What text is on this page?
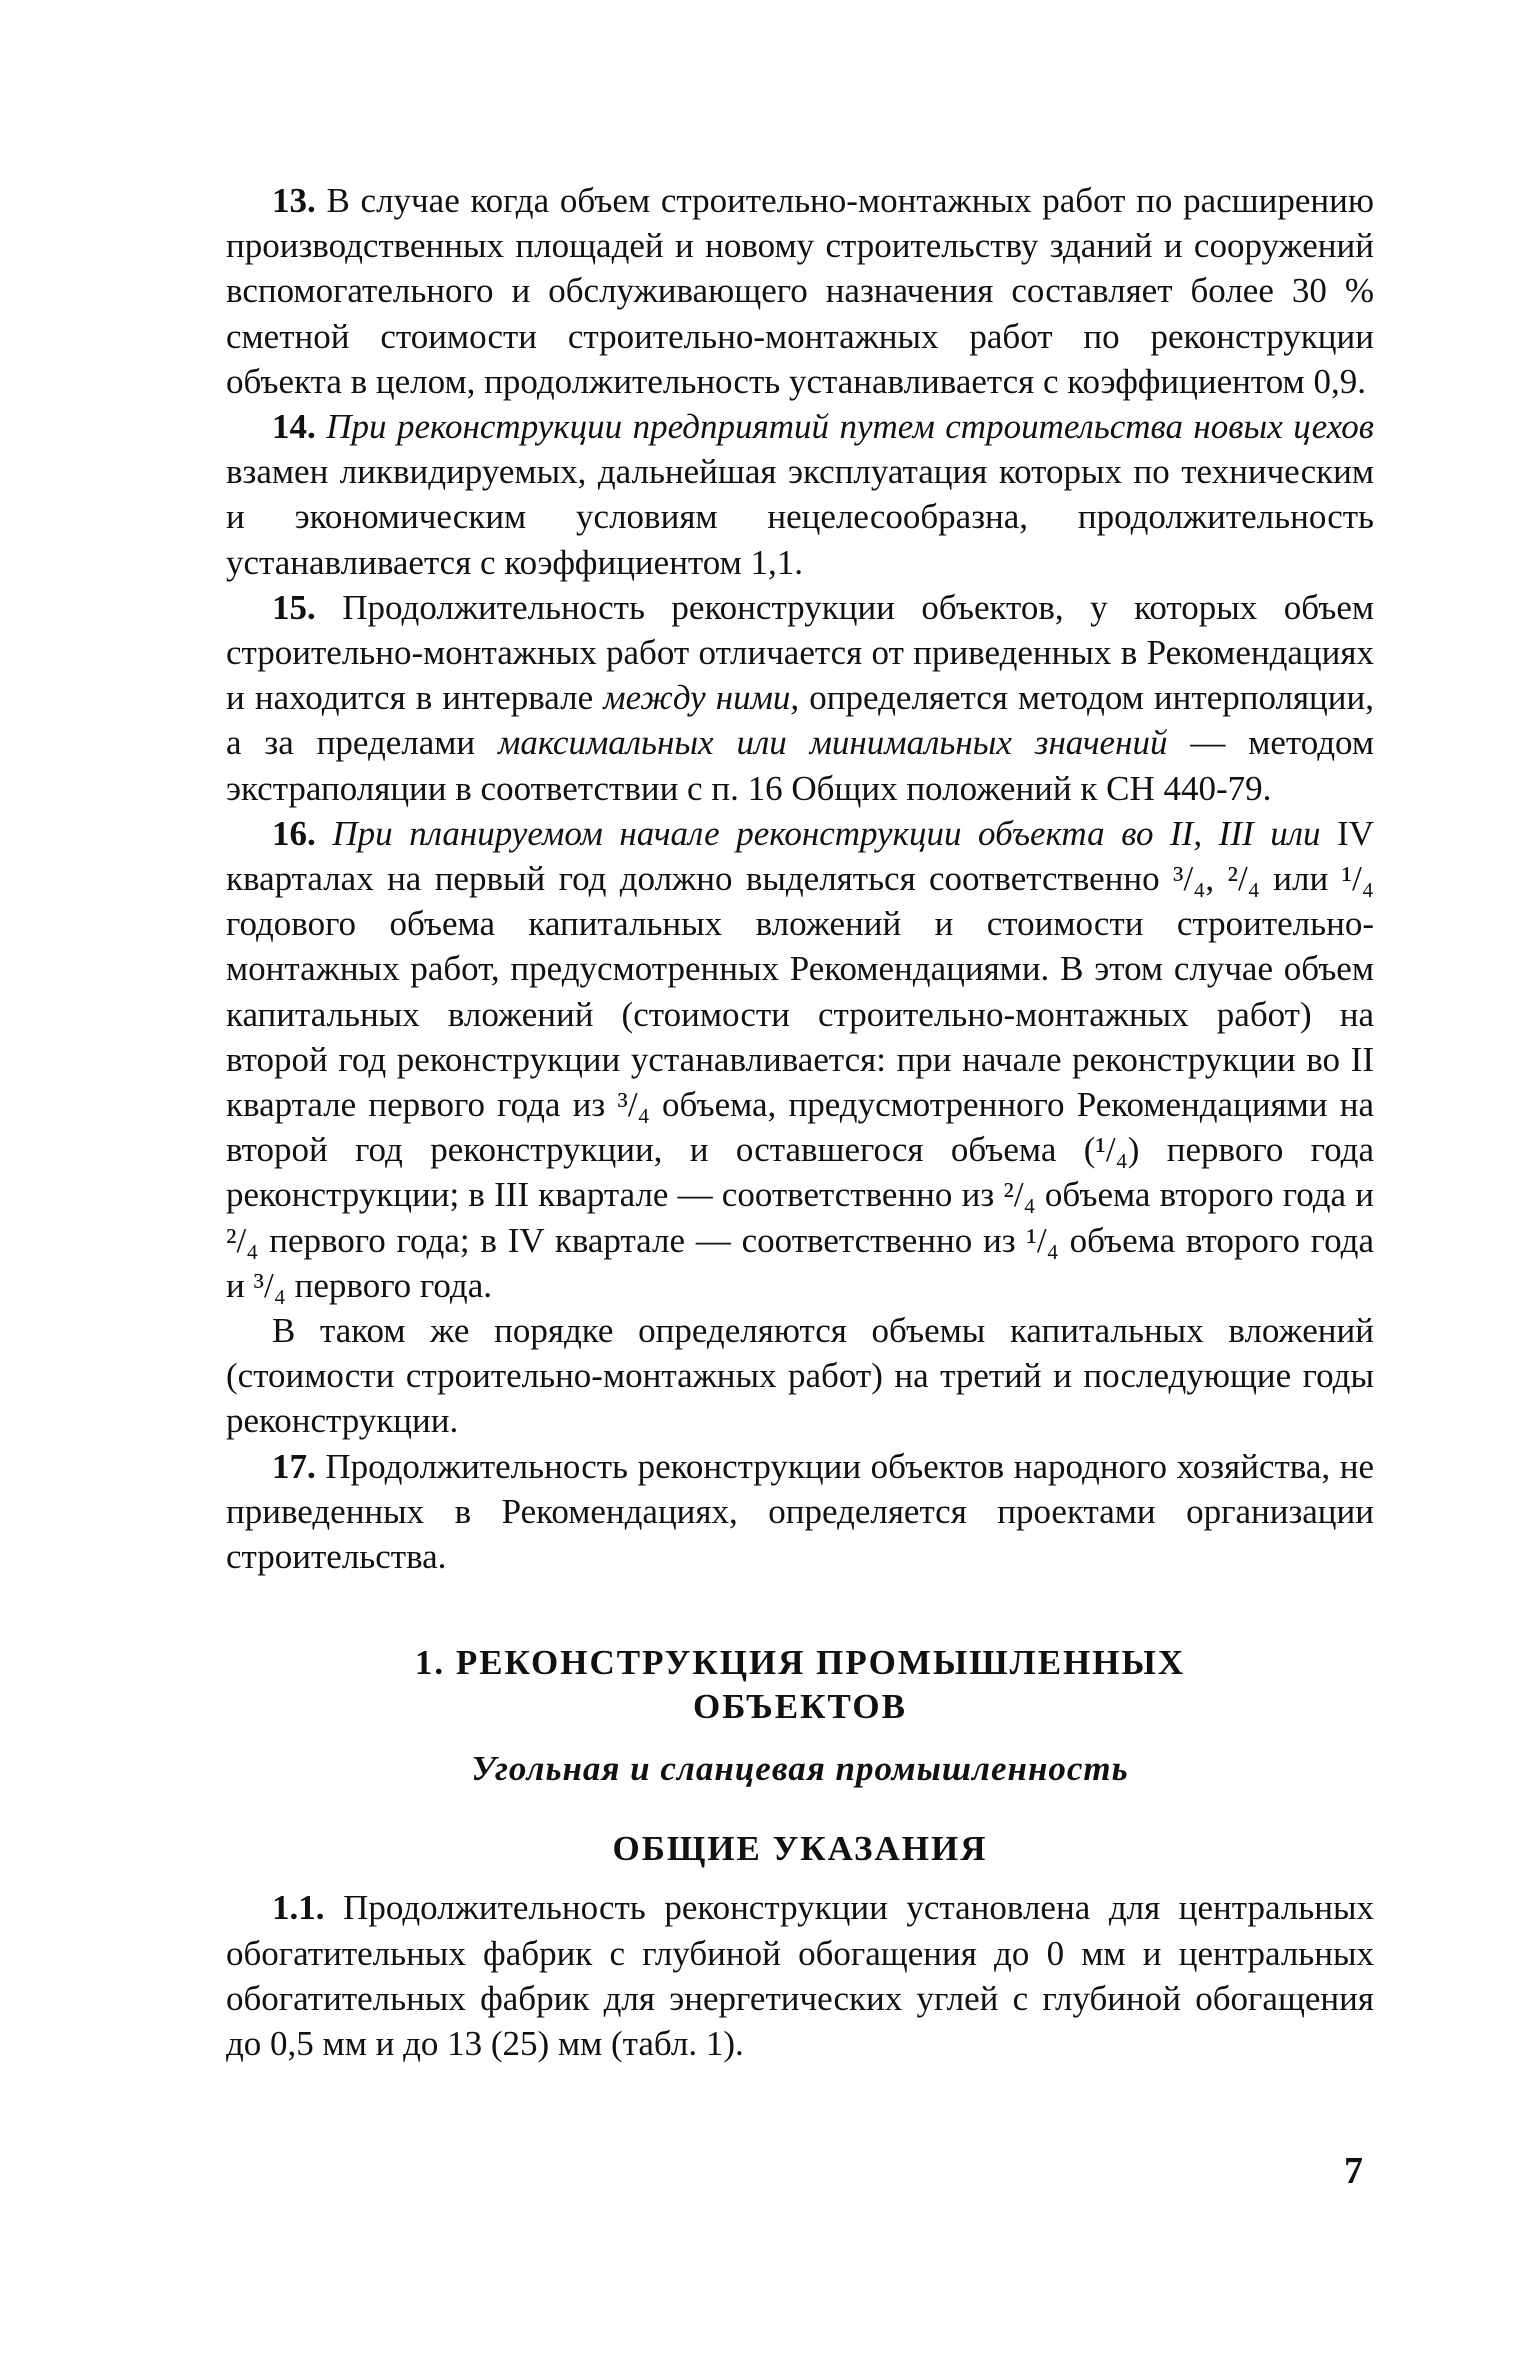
13. В случае когда объем строительно-монтажных работ по расширению производственных площадей и новому строительству зданий и сооружений вспомогательного и обслуживающего назначения составляет более 30 % сметной стоимости строительно-монтажных работ по реконструкции объекта в целом, продолжительность устанавливается с коэффициентом 0,9.

14. При реконструкции предприятий путем строительства новых цехов взамен ликвидируемых, дальнейшая эксплуатация которых по техническим и экономическим условиям нецелесообразна, продолжительность устанавливается с коэффициентом 1,1.

15. Продолжительность реконструкции объектов, у которых объем строительно-монтажных работ отличается от приведенных в Рекомендациях и находится в интервале между ними, определяется методом интерполяции, а за пределами максимальных или минимальных значений — методом экстраполяции в соответствии с п. 16 Общих положений к СН 440-79.

16. При планируемом начале реконструкции объекта во II, III или IV кварталах на первый год должно выделяться соответственно ³/₄, ²/₄ или ¹/₄ годового объема капитальных вложений и стоимости строительно-монтажных работ, предусмотренных Рекомендациями. В этом случае объем капитальных вложений (стоимости строительно-монтажных работ) на второй год реконструкции устанавливается: при начале реконструкции во II квартале первого года из ³/₄ объема, предусмотренного Рекомендациями на второй год реконструкции, и оставшегося объема (¹/₄) первого года реконструкции; в III квартале — соответственно из ²/₄ объема второго года и ²/₄ первого года; в IV квартале — соответственно из ¹/₄ объема второго года и ³/₄ первого года.

В таком же порядке определяются объемы капитальных вложений (стоимости строительно-монтажных работ) на третий и последующие годы реконструкции.

17. Продолжительность реконструкции объектов народного хозяйства, не приведенных в Рекомендациях, определяется проектами организации строительства.

1. РЕКОНСТРУКЦИЯ ПРОМЫШЛЕННЫХ

ОБЪЕКТОВ

Угольная и сланцевая промышленность

ОБЩИЕ УКАЗАНИЯ

1.1. Продолжительность реконструкции установлена для центральных обогатительных фабрик с глубиной обогащения до 0 мм и центральных обогатительных фабрик для энергетических углей с глубиной обогащения до 0,5 мм и до 13 (25) мм (табл. 1).

7
